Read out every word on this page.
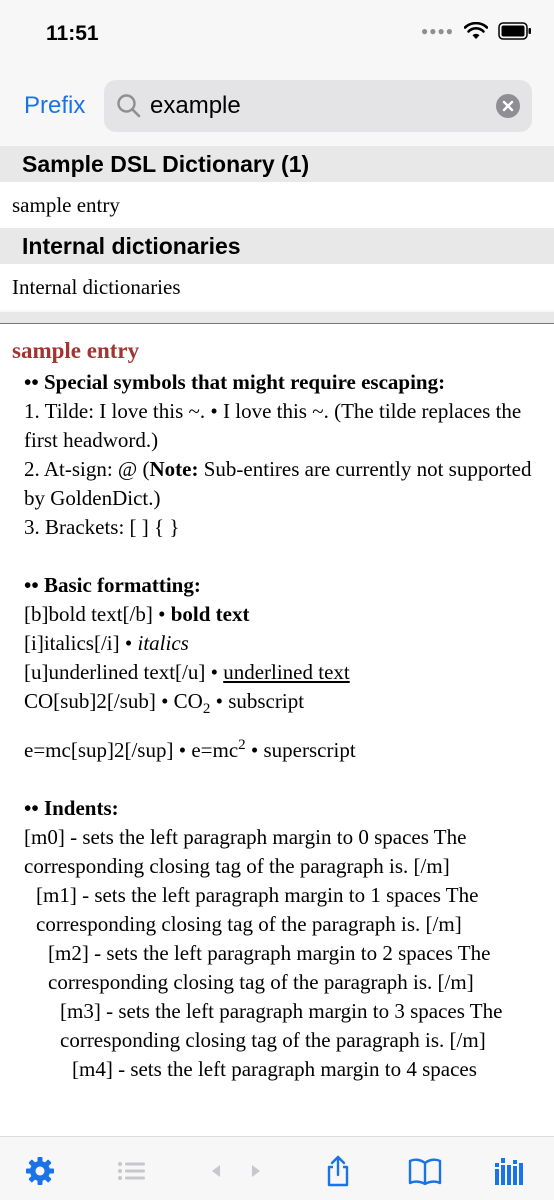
11:51	●●●●
Prefix
example
Sample DSL Dictionary (1)
sample entry
Internal dictionaries
Internal dictionaries
sample entry

•• Special symbols that might require escaping:

1. Tilde: I love this ~. • I love this ~. (The tilde replaces the first headword.)

2. At-sign: @ (Note: Sub-entires are currently not supported by GoldenDict.)

3. Brackets: [ ] { }

•• Basic formatting:

[b]bold text[/b] • bold text

[i]italics[/i] • italics

[u]underlined text[/u] • underlined text

CO[sub]2[/sub] • $CO_2$ • subscript

e=mc[sup]2[/sup] • $e=mc^2$ • superscript

•• Indents:

[m0] - sets the left paragraph margin to 0 spaces The corresponding closing tag of the paragraph is. [/m]

[m1] - sets the left paragraph margin to 1 spaces The corresponding closing tag of the paragraph is. [/m]

[m2] - sets the left paragraph margin to 2 spaces The corresponding closing tag of the paragraph is. [/m]

[m3] - sets the left paragraph margin to 3 spaces The corresponding closing tag of the paragraph is. [/m]

[m4] - sets the left paragraph margin to 4 spaces
